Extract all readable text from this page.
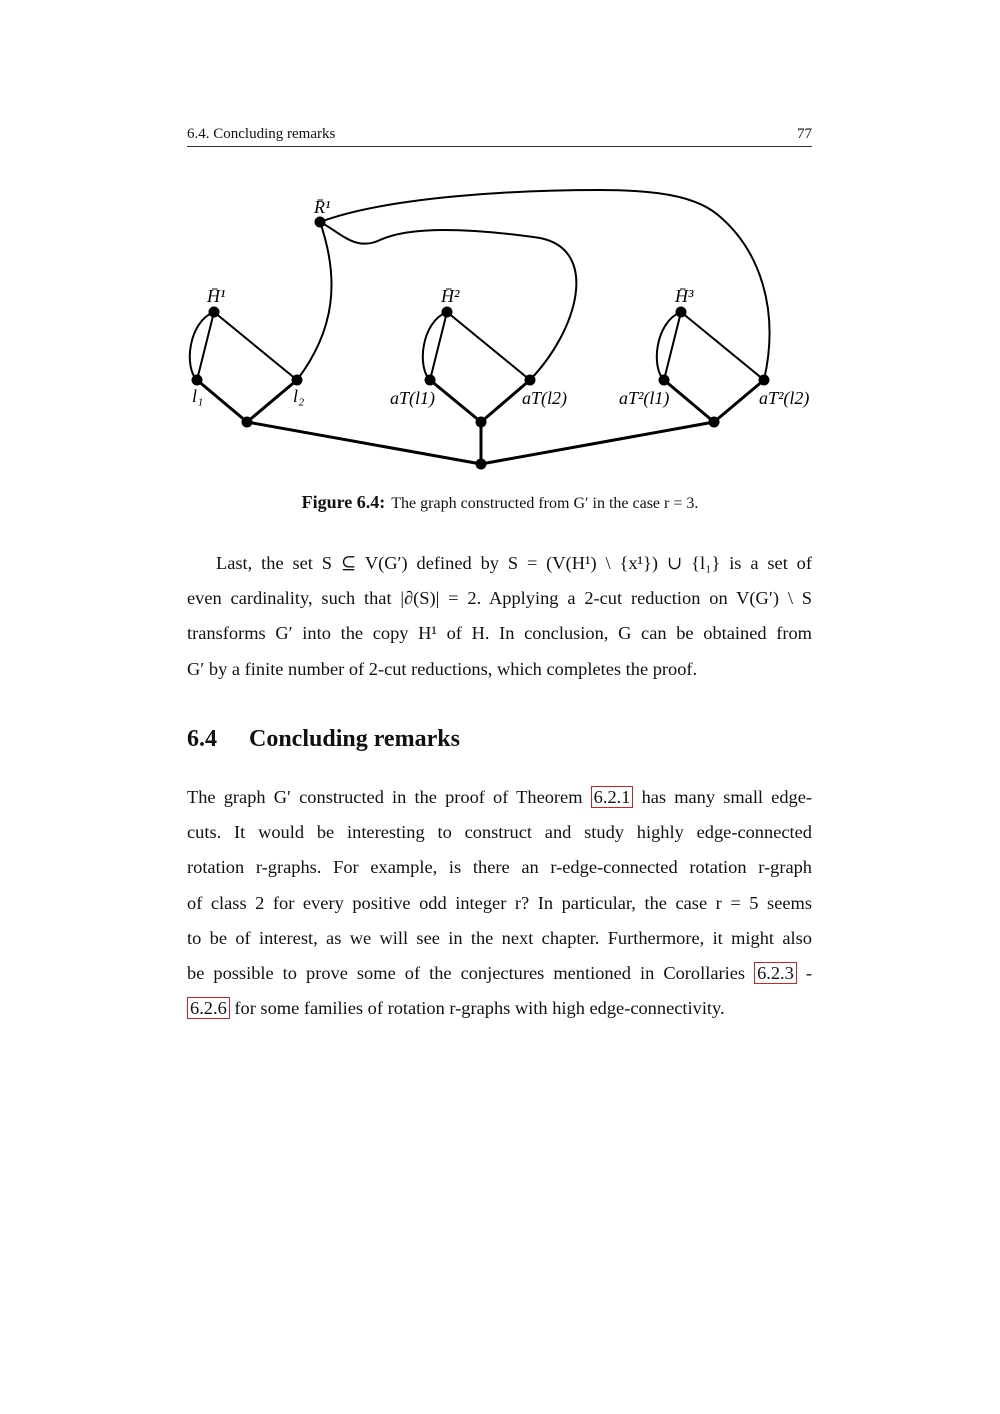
6.4. Concluding remarks	77
R̄¹
H̄¹	H̄²	H̄³
l₁	l₂	aT(l1)	aT(l2)	aT²(l1)	aT²(l2)
Figure 6.4: The graph constructed from G′ in the case r = 3.
Last, the set S ⊆ V(G′) defined by S = (V(H¹) \ {x¹}) ∪ {l₁} is a set of
even cardinality, such that |∂(S)| = 2. Applying a 2-cut reduction on V(G′) \ S
transforms G′ into the copy H¹ of H. In conclusion, G can be obtained from
G′ by a finite number of 2-cut reductions, which completes the proof.
6.4 Concluding remarks
The graph G′ constructed in the proof of Theorem 6.2.1 has many small edge-
cuts. It would be interesting to construct and study highly edge-connected
rotation r-graphs. For example, is there an r-edge-connected rotation r-graph
of class 2 for every positive odd integer r? In particular, the case r = 5 seems
to be of interest, as we will see in the next chapter. Furthermore, it might also
be possible to prove some of the conjectures mentioned in Corollaries 6.2.3 -
6.2.6 for some families of rotation r-graphs with high edge-connectivity.
